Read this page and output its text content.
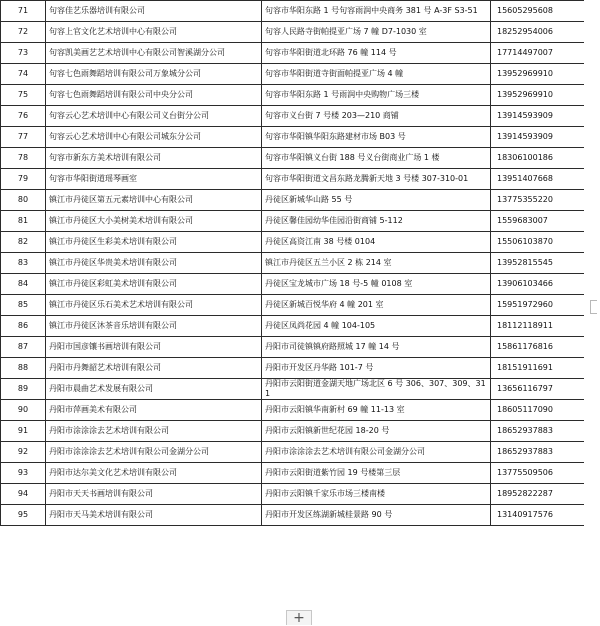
71	句容佳艺乐器培训有限公司	句容市华阳东路 1 号句容雨润中央商务 381 号 A-3F S3-51	15605295608
72	句容上官文化艺术培训中心有限公司	句容人民路寺街帕提亚广场 7 幢 D7-1030 室	18252954006
73	句容凯美画艺艺术培训中心有限公司智溪湖分公司	句容市华阳街道北环路 76 幢 114 号	17714497007
74	句容七色雨舞蹈培训有限公司万象城分公司	句容市华阳街道寺街面帕提亚广场 4 幢	13952969910
75	句容七色雨舞蹈培训有限公司中央分公司	句容市华阳东路 1 号雨润中央购物广场三楼	13952969910
76	句容云心艺术培训中心有限公司义台街分公司	句容市义台街 7 号楼 203—210 商铺	13914593909
77	句容云心艺术培训中心有限公司城东分公司	句容市华阳镇华阳东路建材市场 B03 号	13914593909
78	句容市新东方美术培训有限公司	句容市华阳镇义台街 188 号义台街商业广场 1 楼	18306100186
79	句容市华阳街道瑶琴画室	句容市华阳街道文昌东路龙腾新天地 3 号楼 307-310-01	13951407668
80	镇江市丹徒区第五元素培训中心有限公司	丹徒区新城华山路 55 号	13775355220
81	镇江市丹徒区大小美树美术培训有限公司	丹徒区馨佳园幼华佳园沿街商铺 5-112	1559683007
82	镇江市丹徒区生彩美术培训有限公司	丹徒区高资江南 38 号楼 0104	15506103870
83	镇江市丹徒区华贵美术培训有限公司	镇江市丹徒区五兰小区 2 栋 214 室	13952815545
84	镇江市丹徒区彩虹美术培训有限公司	丹徒区宝龙城市广场 18 号-5 幢 0108 室	13906103466
85	镇江市丹徒区乐石美术艺术培训有限公司	丹徒区新城百悦华府 4 幢 201 室	15951972960
86	镇江市丹徒区沐茶音乐培训有限公司	丹徒区凤尚花园 4 幢 104-105	18112118911
87	丹阳市国彦镶书画培训有限公司	丹阳市司徒镇镇府路照城 17 幢 14 号	15861176816
88	丹阳市丹舞韶艺术培训有限公司	丹阳市开发区丹华路 101-7 号	18151911691
89	丹阳市晨曲艺术发展有限公司	丹阳市云阳街道金湖天地广场北区 6 号 306、307、309、311	13656116797
90	丹阳市萍画美术有限公司	丹阳市云阳镇华南新村 69 幢 11-13 室	18605117090
91	丹阳市涂涂涂去艺术培训有限公司	丹阳市云阳镇新世纪花园 18-20 号	18652937883
92	丹阳市涂涂涂去艺术培训有限公司金湖分公司	丹阳市涂涂涂去艺术培训有限公司金湖分公司	18652937883
93	丹阳市达尔美文化艺术培训有限公司	丹阳市云阳街道紫竹园 19 号楼第三层	13775509506
94	丹阳市天天书画培训有限公司	丹阳市云阳镇千家乐市场三楼南楼	18952822287
95	丹阳市天马美术培训有限公司	丹阳市开发区练湖新城桂景路 90 号	13140917576
+
